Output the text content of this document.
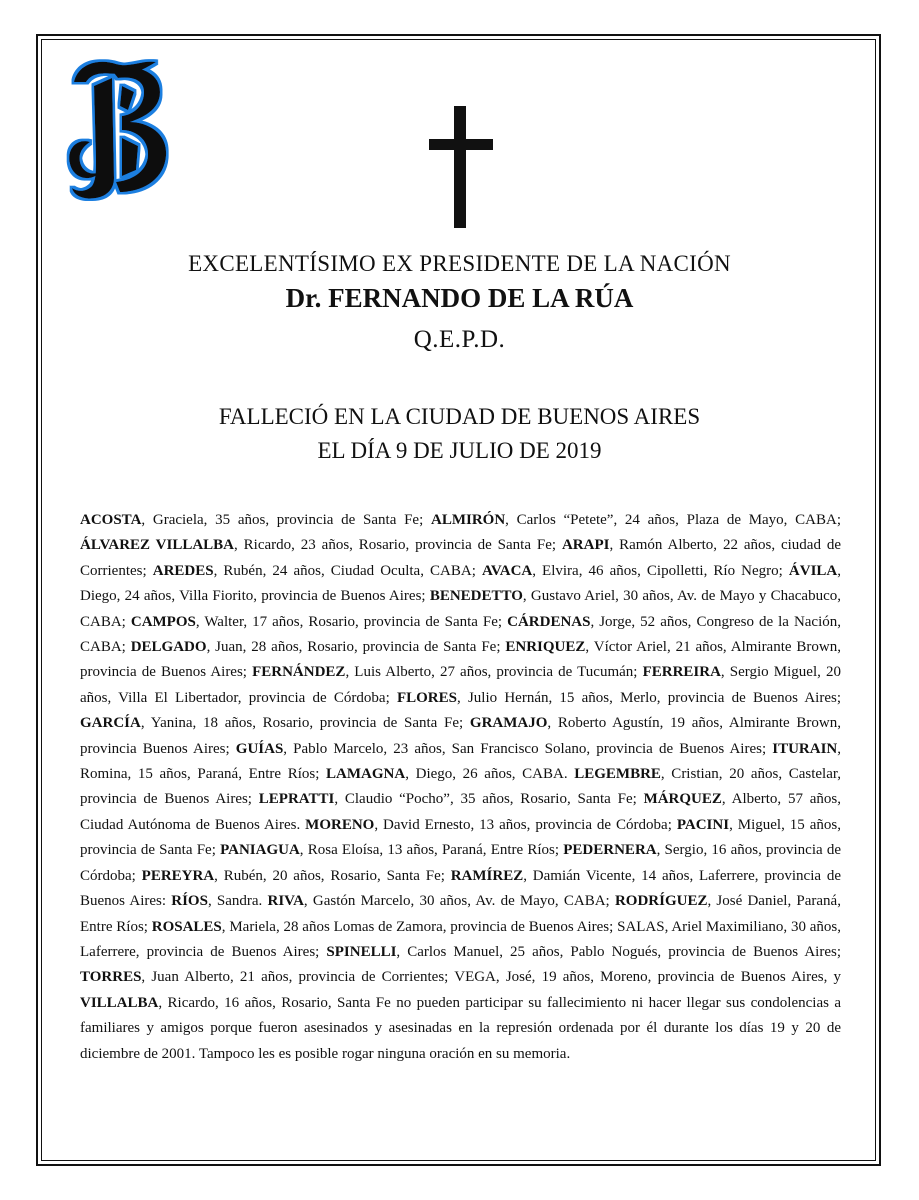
EXCELENTÍSIMO EX PRESIDENTE DE LA NACIÓN
Dr. FERNANDO DE LA RÚA
Q.E.P.D.
FALLECIÓ EN LA CIUDAD DE BUENOS AIRES
EL DÍA 9 DE JULIO DE 2019
ACOSTA, Graciela, 35 años, provincia de Santa Fe; ALMIRÓN, Carlos “Petete”, 24 años, Plaza de Mayo, CABA; ÁLVAREZ VILLALBA, Ricardo, 23 años, Rosario, provincia de Santa Fe; ARAPI, Ramón Alberto, 22 años, ciudad de Corrientes; AREDES, Rubén, 24 años, Ciudad Oculta, CABA; AVACA, Elvira, 46 años, Cipolletti, Río Negro; ÁVILA, Diego, 24 años, Villa Fiorito, provincia de Buenos Aires; BENEDETTO, Gustavo Ariel, 30 años, Av. de Mayo y Chacabuco, CABA; CAMPOS, Walter, 17 años, Rosario, provincia de Santa Fe; CÁRDENAS, Jorge, 52 años, Congreso de la Nación, CABA; DELGADO, Juan, 28 años, Rosario, provincia de Santa Fe; ENRIQUEZ, Víctor Ariel, 21 años, Almirante Brown, provincia de Buenos Aires; FERNÁNDEZ, Luis Alberto, 27 años, provincia de Tucumán; FERREIRA, Sergio Miguel, 20 años, Villa El Libertador, provincia de Córdoba; FLORES, Julio Hernán, 15 años, Merlo, provincia de Buenos Aires; GARCÍA, Yanina, 18 años, Rosario, provincia de Santa Fe; GRAMAJO, Roberto Agustín, 19 años, Almirante Brown, provincia Buenos Aires; GUÍAS, Pablo Marcelo, 23 años, San Francisco Solano, provincia de Buenos Aires; ITURAIN, Romina, 15 años, Paraná, Entre Ríos; LAMAGNA, Diego, 26 años, CABA. LEGEMBRE, Cristian, 20 años, Castelar, provincia de Buenos Aires; LEPRATTI, Claudio “Pocho”, 35 años, Rosario, Santa Fe; MÁRQUEZ, Alberto, 57 años, Ciudad Autónoma de Buenos Aires. MORENO, David Ernesto, 13 años, provincia de Córdoba; PACINI, Miguel, 15 años, provincia de Santa Fe; PANIAGUA, Rosa Eloísa, 13 años, Paraná, Entre Ríos; PEDERNERA, Sergio, 16 años, provincia de Córdoba; PEREYRA, Rubén, 20 años, Rosario, Santa Fe; RAMÍREZ, Damián Vicente, 14 años, Laferrere, provincia de Buenos Aires: RÍOS, Sandra. RIVA, Gastón Marcelo, 30 años, Av. de Mayo, CABA; RODRÍGUEZ, José Daniel, Paraná, Entre Ríos; ROSALES, Mariela, 28 años Lomas de Zamora, provincia de Buenos Aires; SALAS, Ariel Maximiliano, 30 años, Laferrere, provincia de Buenos Aires; SPINELLI, Carlos Manuel, 25 años, Pablo Nogués, provincia de Buenos Aires; TORRES, Juan Alberto, 21 años, provincia de Corrientes; VEGA, José, 19 años, Moreno, provincia de Buenos Aires, y VILLALBA, Ricardo, 16 años, Rosario, Santa Fe no pueden participar su fallecimiento ni hacer llegar sus condolencias a familiares y amigos porque fueron asesinados y asesinadas en la represión ordenada por él durante los días 19 y 20 de diciembre de 2001. Tampoco les es posible rogar ninguna oración en su memoria.
